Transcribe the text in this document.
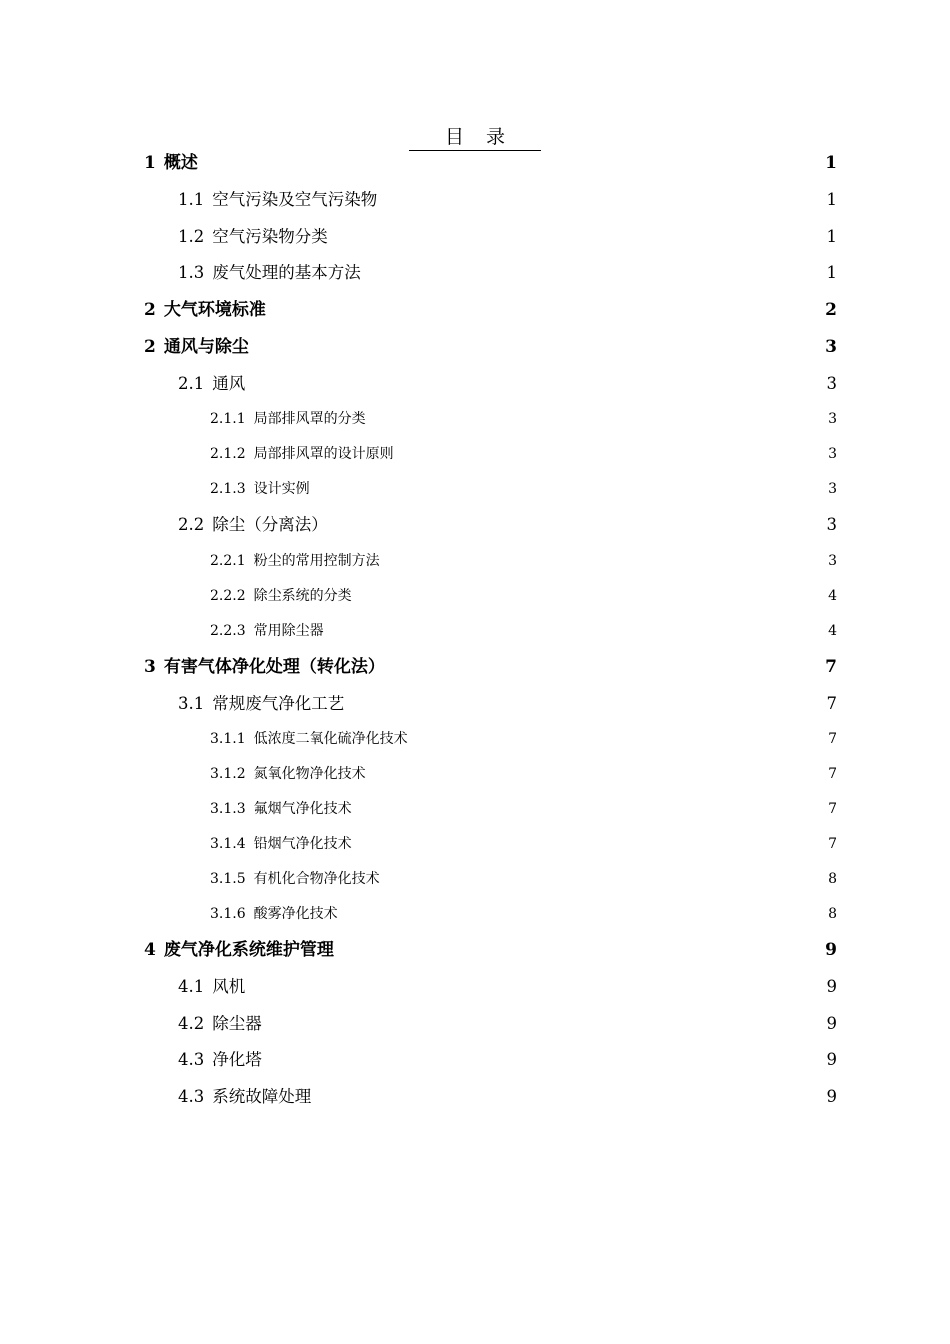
目录
1 概述	1
1.1 空气污染及空气污染物	1
1.2 空气污染物分类	1
1.3 废气处理的基本方法	1
2 大气环境标准	2
2 通风与除尘	3
2.1 通风	3
2.1.1 局部排风罩的分类	3
2.1.2 局部排风罩的设计原则	3
2.1.3 设计实例	3
2.2 除尘（分离法）	3
2.2.1 粉尘的常用控制方法	3
2.2.2 除尘系统的分类	4
2.2.3 常用除尘器	4
3 有害气体净化处理（转化法）	7
3.1 常规废气净化工艺	7
3.1.1 低浓度二氧化硫净化技术	7
3.1.2 氮氧化物净化技术	7
3.1.3 氟烟气净化技术	7
3.1.4 铅烟气净化技术	7
3.1.5 有机化合物净化技术	8
3.1.6 酸雾净化技术	8
4 废气净化系统维护管理	9
4.1 风机	9
4.2 除尘器	9
4.3 净化塔	9
4.3 系统故障处理	9
